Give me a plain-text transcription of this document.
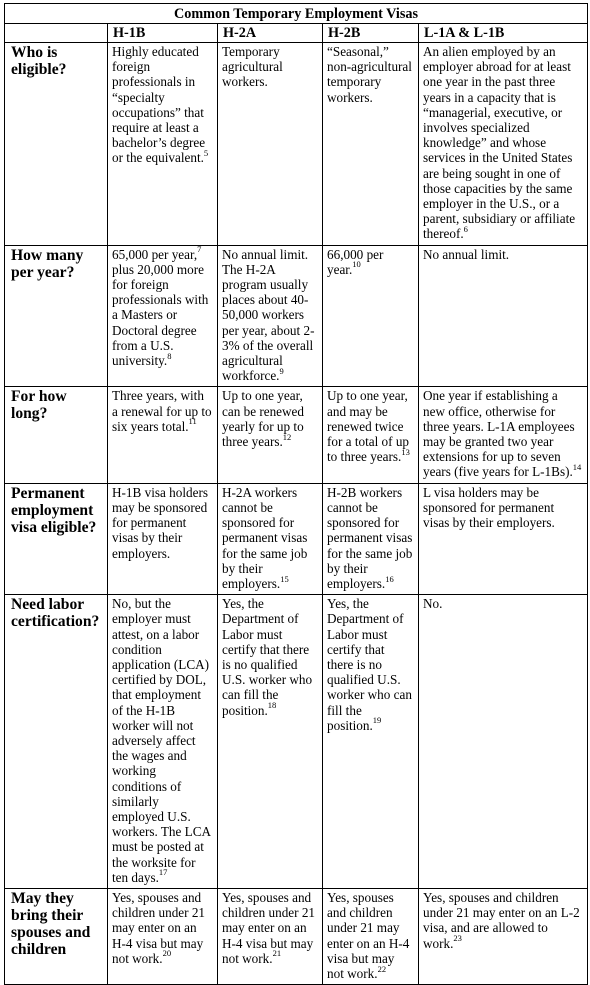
Common Temporary Employment Visas				
	H-1B	H-2A	H-2B	L-1A & L-1B
Who is eligible?	Highly educated foreign professionals in “specialty occupations” that require at least a bachelor’s degree or the equivalent.$^5$	Temporary agricultural workers.	“Seasonal,” non-agricultural temporary workers.	An alien employed by an employer abroad for at least one year in the past three years in a capacity that is “managerial, executive, or involves specialized knowledge” and whose services in the United States are being sought in one of those capacities by the same employer in the U.S., or a parent, subsidiary or affiliate thereof.$^6$
How many per year?	65,000 per year,$^7$ plus 20,000 more for foreign professionals with a Masters or Doctoral degree from a U.S. university.$^8$	No annual limit. The H-2A program usually places about 40-50,000 workers per year, about 2-3% of the overall agricultural workforce.$^9$	66,000 per year.$^{10}$	No annual limit.
For how long?	Three years, with a renewal for up to six years total.$^{11}$	Up to one year, can be renewed yearly for up to three years.$^{12}$	Up to one year, and may be renewed twice for a total of up to three years.$^{13}$	One year if establishing a new office, otherwise for three years. L-1A employees may be granted two year extensions for up to seven years (five years for L-1Bs).$^{14}$
Permanent employment visa eligible?	H-1B visa holders may be sponsored for permanent visas by their employers.	H-2A workers cannot be sponsored for permanent visas for the same job by their employers.$^{15}$	H-2B workers cannot be sponsored for permanent visas for the same job by their employers.$^{16}$	L visa holders may be sponsored for permanent visas by their employers.
Need labor certification?	No, but the employer must attest, on a labor condition application (LCA) certified by DOL, that employment of the H-1B worker will not adversely affect the wages and working conditions of similarly employed U.S. workers. The LCA must be posted at the worksite for ten days.$^{17}$	Yes, the Department of Labor must certify that there is no qualified U.S. worker who can fill the position.$^{18}$	Yes, the Department of Labor must certify that there is no qualified U.S. worker who can fill the position.$^{19}$	No.
May they bring their spouses and children	Yes, spouses and children under 21 may enter on an H-4 visa but may not work.$^{20}$	Yes, spouses and children under 21 may enter on an H-4 visa but may not work.$^{21}$	Yes, spouses and children under 21 may enter on an H-4 visa but may not work.$^{22}$	Yes, spouses and children under 21 may enter on an L-2 visa, and are allowed to work.$^{23}$
